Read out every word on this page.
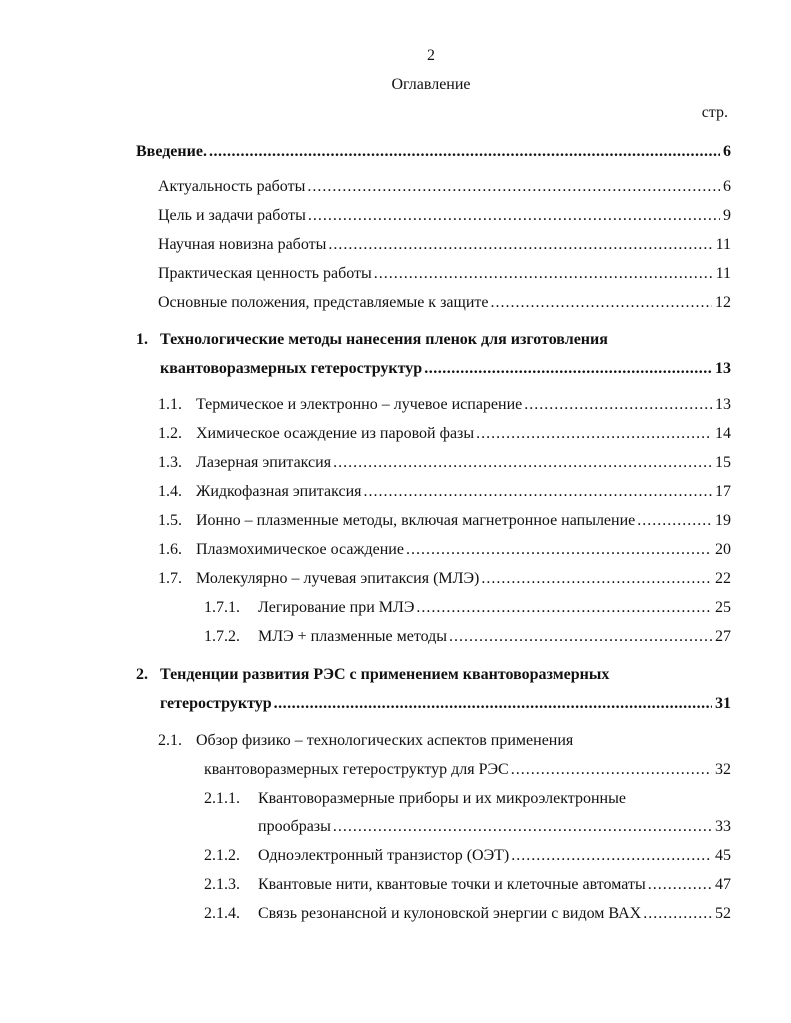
2
Оглавление
стр.
Введение. .....	6
Актуальность работы .....	6
Цель и задачи работы .....	9
Научная новизна работы .....	11
Практическая ценность работы .....	11
Основные положения, представляемые к защите .....	12
1. Технологические методы нанесения пленок для изготовления
квантоворазмерных гетероструктур .....	13
1.1. Термическое и электронно – лучевое испарение .....	13
1.2. Химическое осаждение из паровой фазы .....	14
1.3. Лазерная эпитаксия .....	15
1.4. Жидкофазная эпитаксия .....	17
1.5. Ионно – плазменные методы, включая магнетронное напыление .....	19
1.6. Плазмохимическое осаждение .....	20
1.7. Молекулярно – лучевая эпитаксия (МЛЭ) .....	22
1.7.1.	Легирование при МЛЭ .....	25
1.7.2.	МЛЭ + плазменные методы .....	27
2. Тенденции развития РЭС с применением квантоворазмерных
гетероструктур .....	31
2.1. Обзор физико – технологических аспектов применения
квантоворазмерных гетероструктур для РЭС .....	32
2.1.1.	Квантоворазмерные приборы и их микроэлектронные
прообразы .....	33
2.1.2.	Одноэлектронный транзистор (ОЭТ) .....	45
2.1.3.	Квантовые нити, квантовые точки и клеточные автоматы .....	47
2.1.4.	Связь резонансной и кулоновской энергии с видом ВАХ .....	52
